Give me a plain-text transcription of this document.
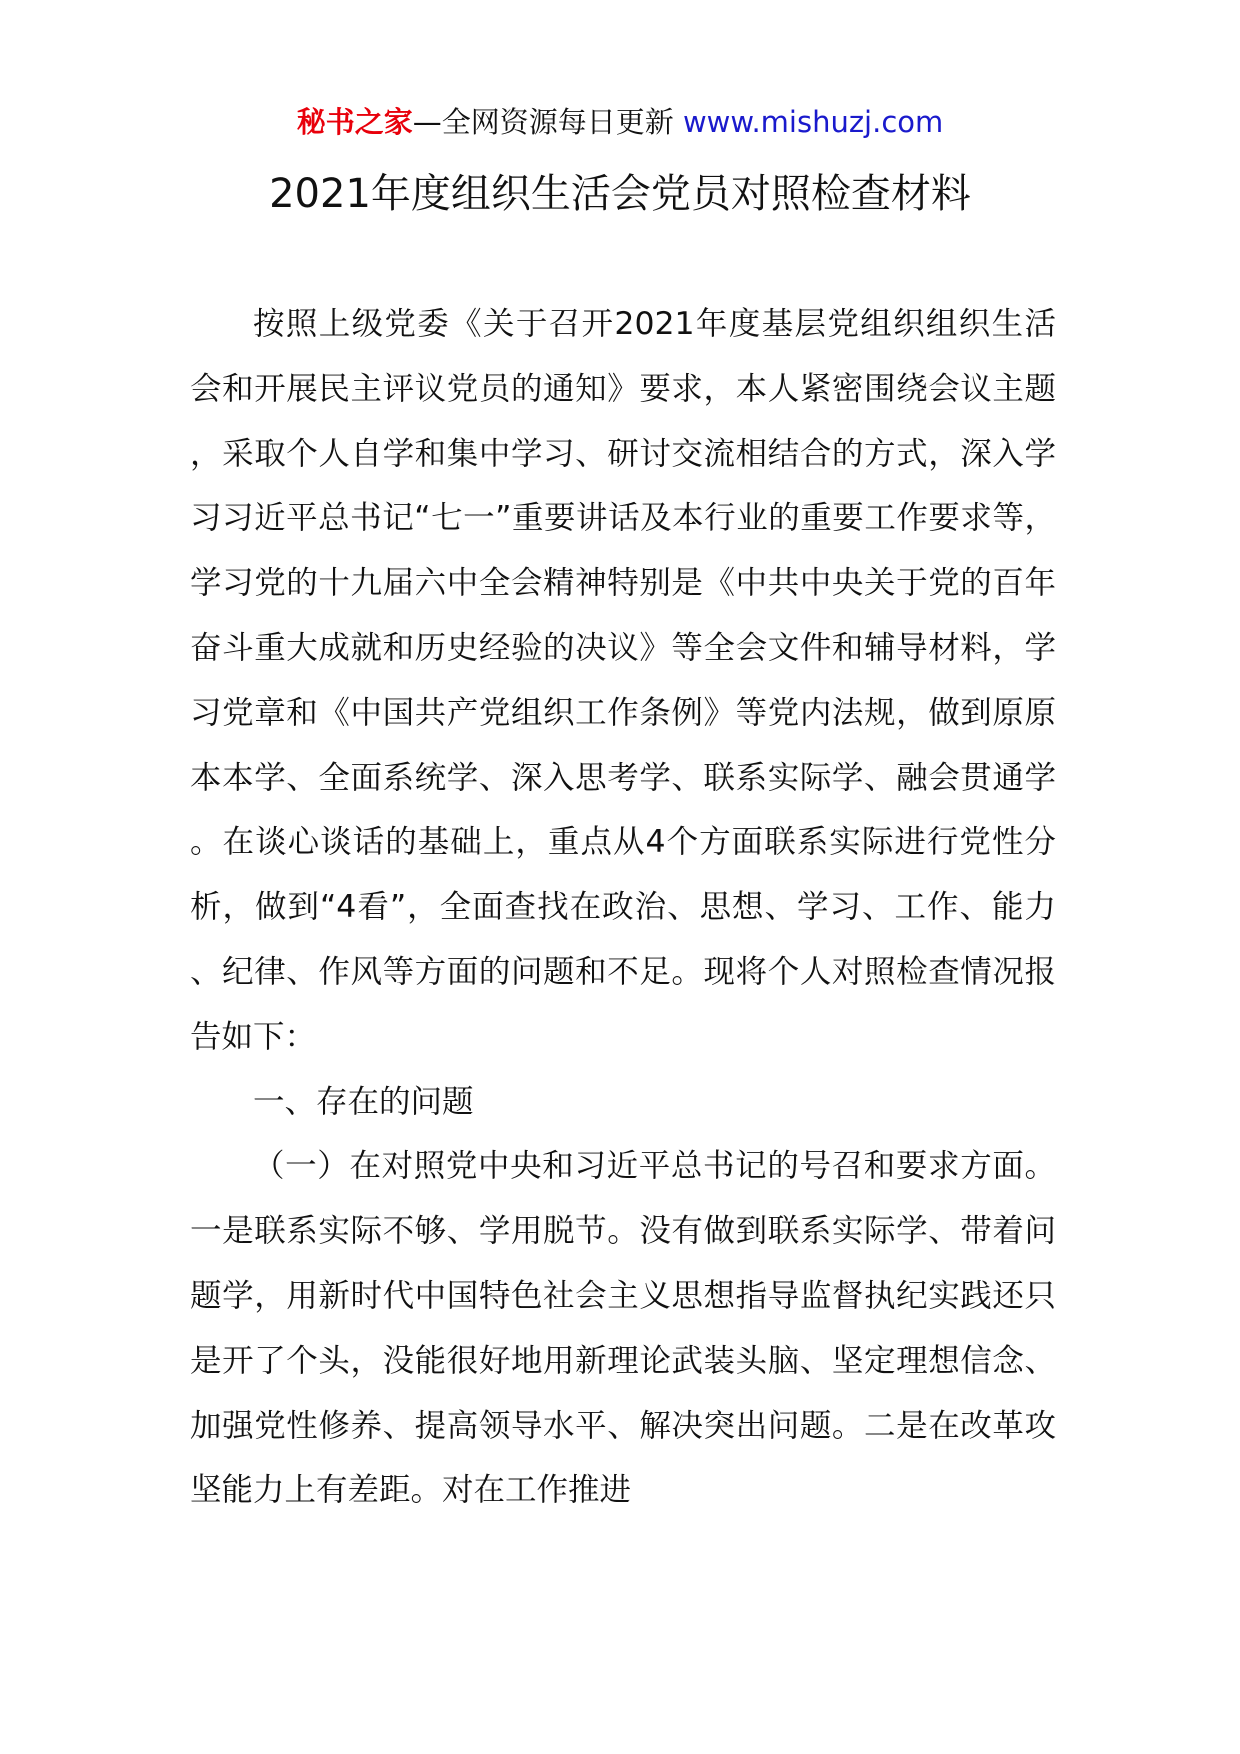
秘书之家—全网资源每日更新 www.mishuzj.com
2021年度组织生活会党员对照检查材料

按照上级党委《关于召开2021年度基层党组织组织生活会和开展民主评议党员的通知》要求，本人紧密围绕会议主题，采取个人自学和集中学习、研讨交流相结合的方式，深入学习习近平总书记“七一”重要讲话及本行业的重要工作要求等，学习党的十九届六中全会精神特别是《中共中央关于党的百年奋斗重大成就和历史经验的决议》等全会文件和辅导材料，学习党章和《中国共产党组织工作条例》等党内法规，做到原原本本学、全面系统学、深入思考学、联系实际学、融会贯通学。在谈心谈话的基础上，重点从4个方面联系实际进行党性分析，做到“4看”，全面查找在政治、思想、学习、工作、能力、纪律、作风等方面的问题和不足。现将个人对照检查情况报告如下：

一、存在的问题

（一）在对照党中央和习近平总书记的号召和要求方面。一是联系实际不够、学用脱节。没有做到联系实际学、带着问题学，用新时代中国特色社会主义思想指导监督执纪实践还只是开了个头，没能很好地用新理论武装头脑、坚定理想信念、加强党性修养、提高领导水平、解决突出问题。二是在改革攻坚能力上有差距。对在工作推进
